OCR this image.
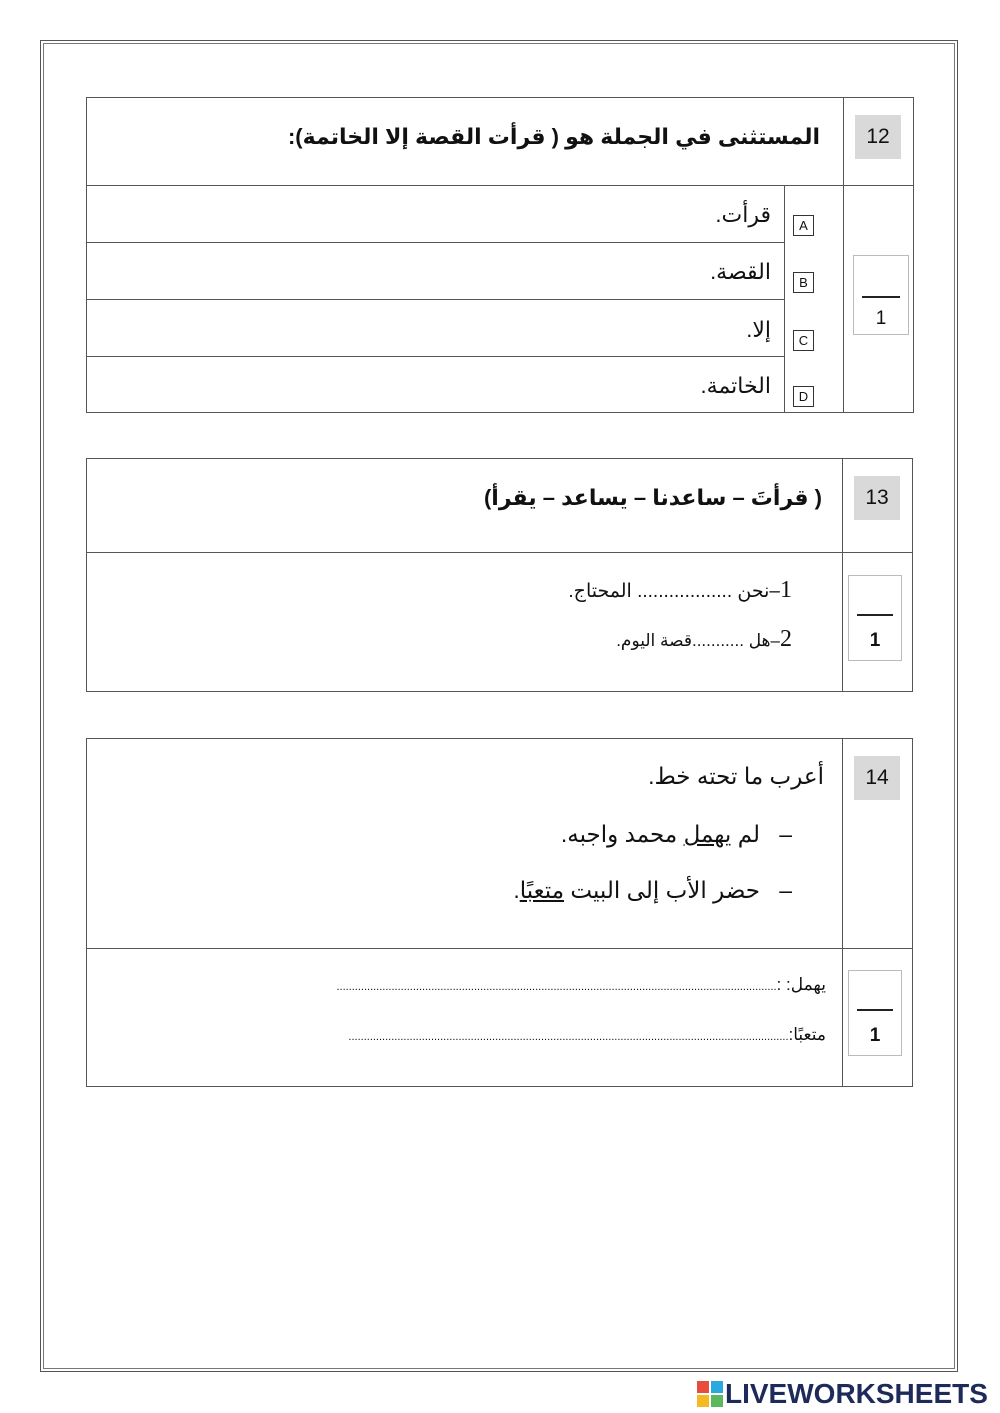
12
المستثنى في الجملة هو ( قرأت القصة إلا الخاتمة):
1
A
قرأت.
B
القصة.
C
إلا.
D
الخاتمة.
13
( قرأتَ – ساعدنا – يساعد – يقرأ)
1
1–نحن .................. المحتاج.
2–هل ...........قصة اليوم.
14
أعرب ما تحته خط.
–   لم يهمل محمد واجبه.
–   حضر الأب إلى البيت متعبًا.
1
يهمل: :................................................................................................................................................
متعبًا:................................................................................................................................................
LIVEWORKSHEETS
